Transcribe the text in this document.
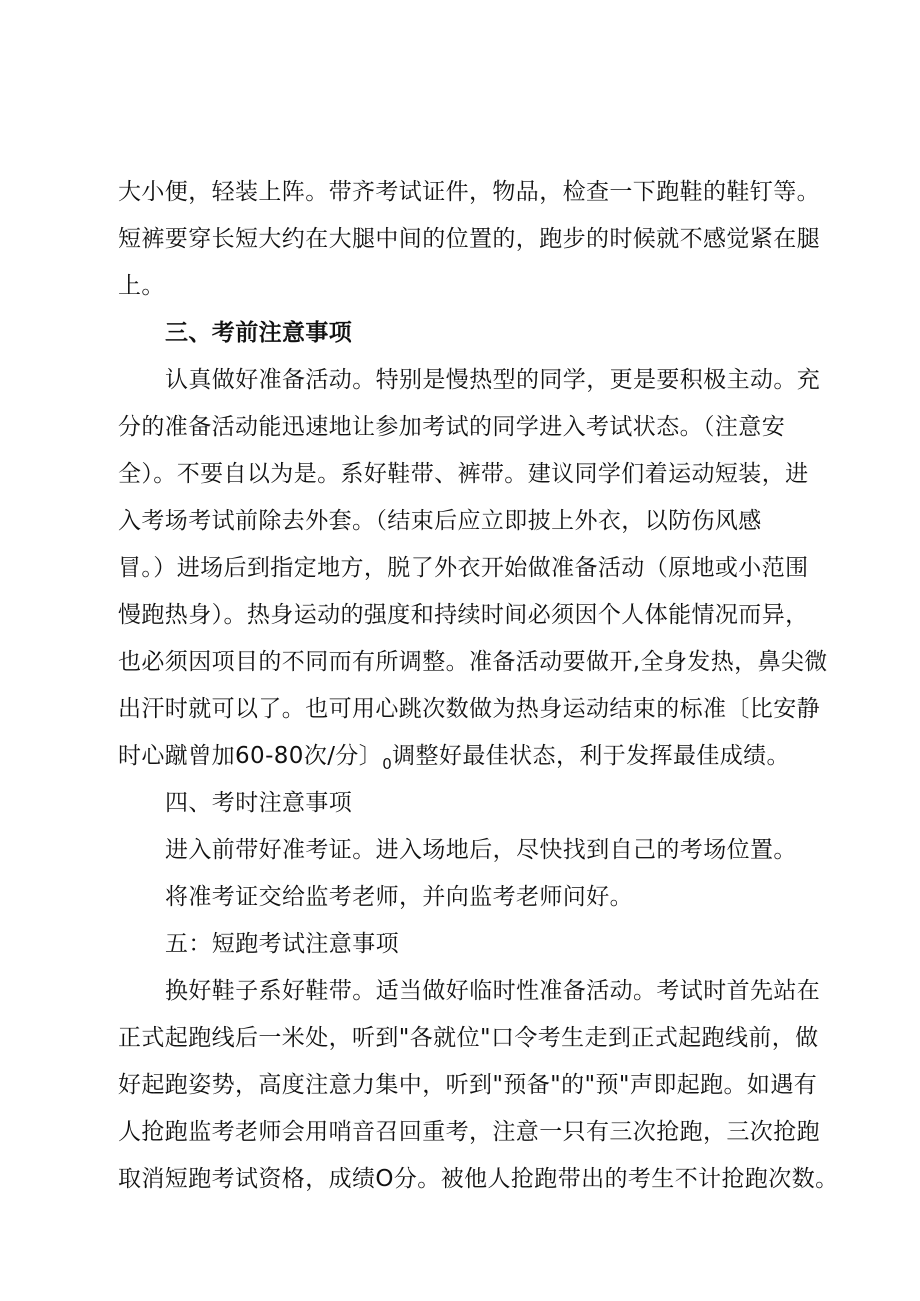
大小便，轻装上阵。带齐考试证件，物品，检查一下跑鞋的鞋钉等。
短裤要穿长短大约在大腿中间的位置的，跑步的时候就不感觉紧在腿
上。
三、考前注意事项
认真做好准备活动。特别是慢热型的同学，更是要积极主动。充
分的准备活动能迅速地让参加考试的同学进入考试状态。（注意安
全）。不要自以为是。系好鞋带、裤带。建议同学们着运动短装，进
入考场考试前除去外套。（结束后应立即披上外衣，以防伤风感
冒。）进场后到指定地方，脱了外衣开始做准备活动（原地或小范围
慢跑热身）。热身运动的强度和持续时间必须因个人体能情况而异，
也必须因项目的不同而有所调整。准备活动要做开,全身发热，鼻尖微
出汗时就可以了。也可用心跳次数做为热身运动结束的标准〔比安静
时心蹴曾加60-80次/分〕$_0$调整好最佳状态，利于发挥最佳成绩。
四、考时注意事项
进入前带好准考证。进入场地后，尽快找到自己的考场位置。
将准考证交给监考老师，并向监考老师问好。
五：短跑考试注意事项
换好鞋子系好鞋带。适当做好临时性准备活动。考试时首先站在
正式起跑线后一米处，听到"各就位"口令考生走到正式起跑线前，做
好起跑姿势，高度注意力集中，听到"预备"的"预"声即起跑。如遇有
人抢跑监考老师会用哨音召回重考，注意一只有三次抢跑，三次抢跑
取消短跑考试资格，成绩O分。被他人抢跑带出的考生不计抢跑次数。
